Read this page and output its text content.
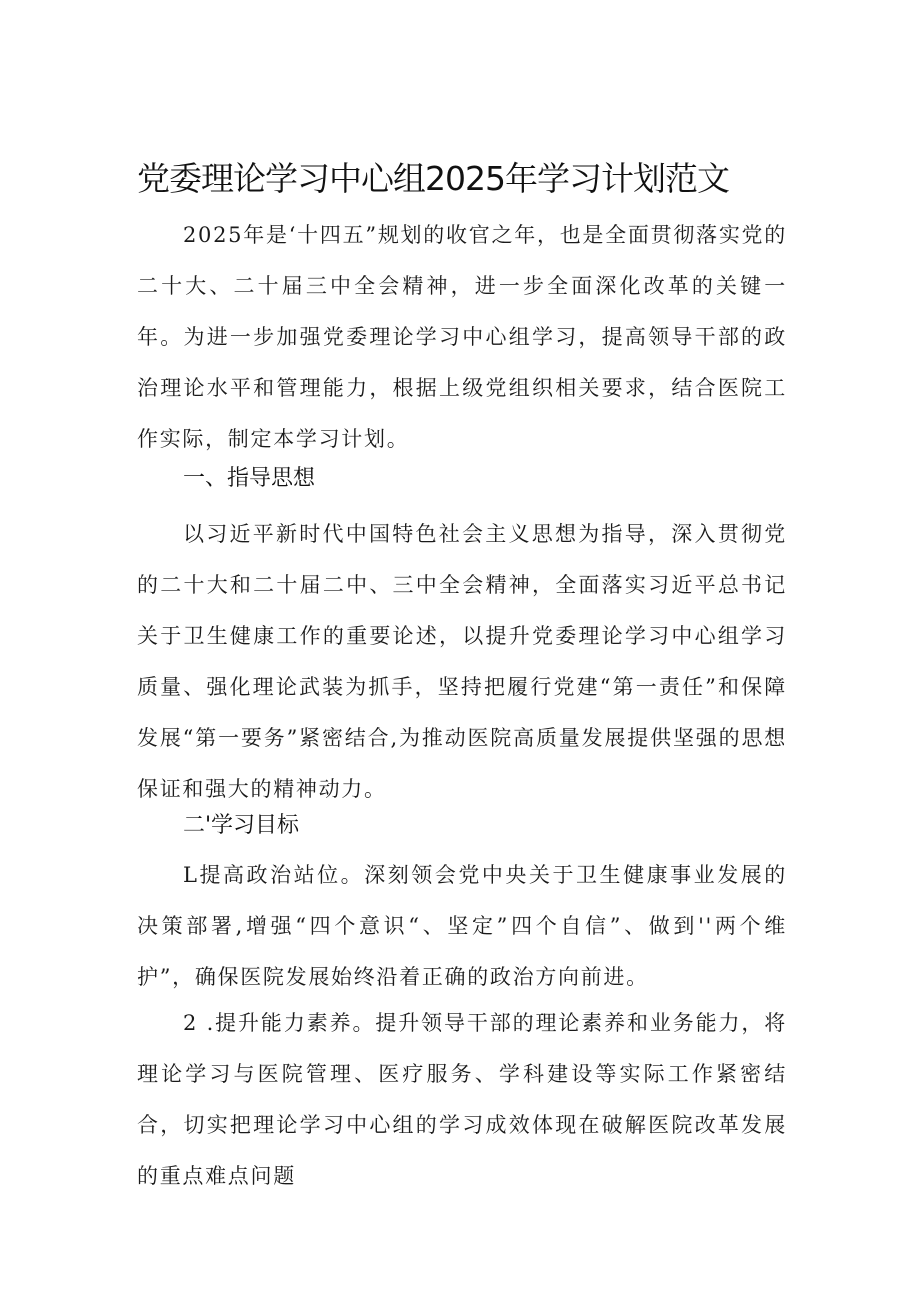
党委理论学习中心组2025年学习计划范文

2025年是‘十四五”规划的收官之年，也是全面贯彻落实党的二十大、二十届三中全会精神，进一步全面深化改革的关键一年。为进一步加强党委理论学习中心组学习，提高领导干部的政治理论水平和管理能力，根据上级党组织相关要求，结合医院工作实际，制定本学习计划。

一、指导思想

以习近平新时代中国特色社会主义思想为指导，深入贯彻党的二十大和二十届二中、三中全会精神，全面落实习近平总书记关于卫生健康工作的重要论述，以提升党委理论学习中心组学习质量、强化理论武装为抓手，坚持把履行党建“第一责任”和保障发展“第一要务”紧密结合,为推动医院高质量发展提供坚强的思想保证和强大的精神动力。

二'学习目标

L提高政治站位。深刻领会党中央关于卫生健康事业发展的决策部署,增强“四个意识“、坚定”四个自信”、做到''两个维护”，确保医院发展始终沿着正确的政治方向前进。

2 .提升能力素养。提升领导干部的理论素养和业务能力，将理论学习与医院管理、医疗服务、学科建设等实际工作紧密结合，切实把理论学习中心组的学习成效体现在破解医院改革发展的重点难点问题
